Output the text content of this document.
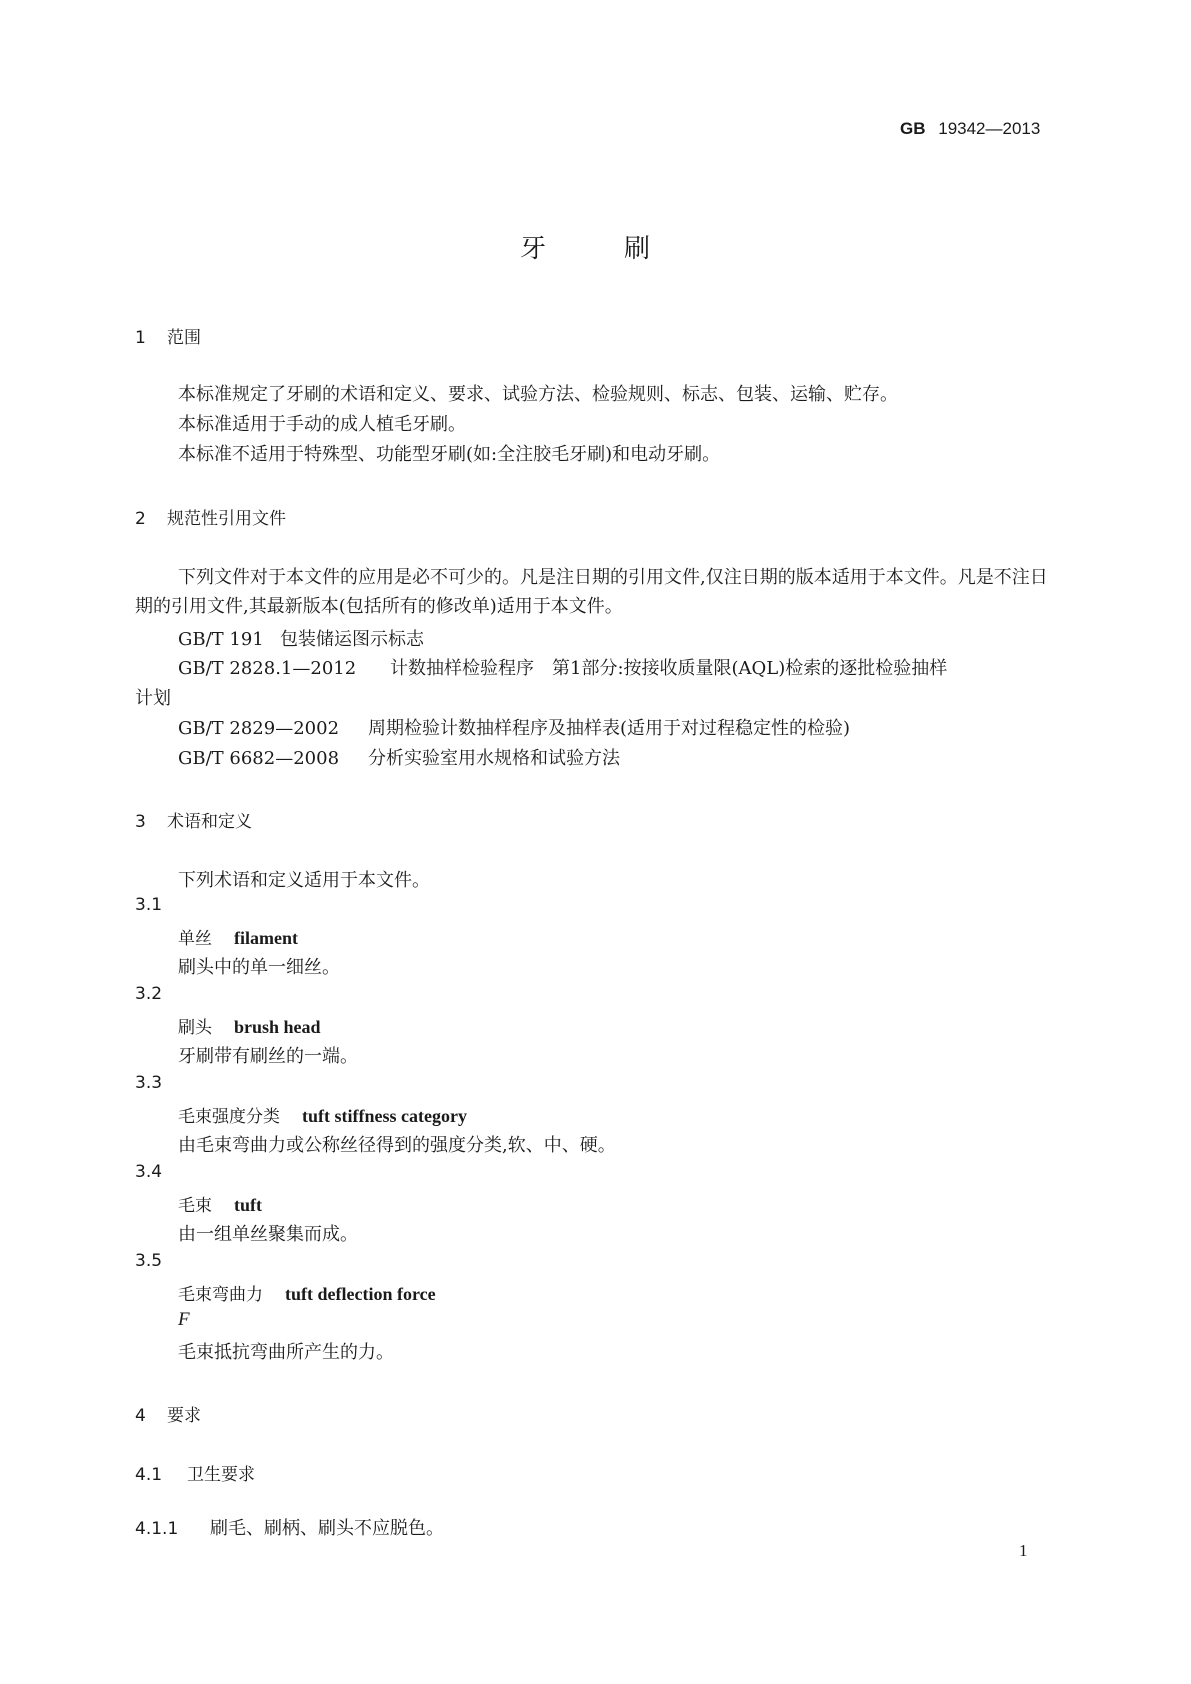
GB 19342—2013
牙　　　刷
1 范围
本标准规定了牙刷的术语和定义、要求、试验方法、检验规则、标志、包装、运输、贮存。
本标准适用于手动的成人植毛牙刷。
本标准不适用于特殊型、功能型牙刷(如:全注胶毛牙刷)和电动牙刷。
2 规范性引用文件
下列文件对于本文件的应用是必不可少的。凡是注日期的引用文件,仅注日期的版本适用于本文件。凡是不注日期的引用文件,其最新版本(包括所有的修改单)适用于本文件。
GB/T 191 包装储运图示标志
GB/T 2828.1—2012 计数抽样检验程序　第1部分:按接收质量限(AQL)检索的逐批检验抽样
计划
GB/T 2829—2002 周期检验计数抽样程序及抽样表(适用于对过程稳定性的检验)
GB/T 6682—2008 分析实验室用水规格和试验方法
3 术语和定义
下列术语和定义适用于本文件。
3.1
单丝 filament
刷头中的单一细丝。
3.2
刷头 brush head
牙刷带有刷丝的一端。
3.3
毛束强度分类 tuft stiffness category
由毛束弯曲力或公称丝径得到的强度分类,软、中、硬。
3.4
毛束 tuft
由一组单丝聚集而成。
3.5
毛束弯曲力 tuft deflection force
F
毛束抵抗弯曲所产生的力。
4 要求
4.1 卫生要求
4.1.1 刷毛、刷柄、刷头不应脱色。
1
